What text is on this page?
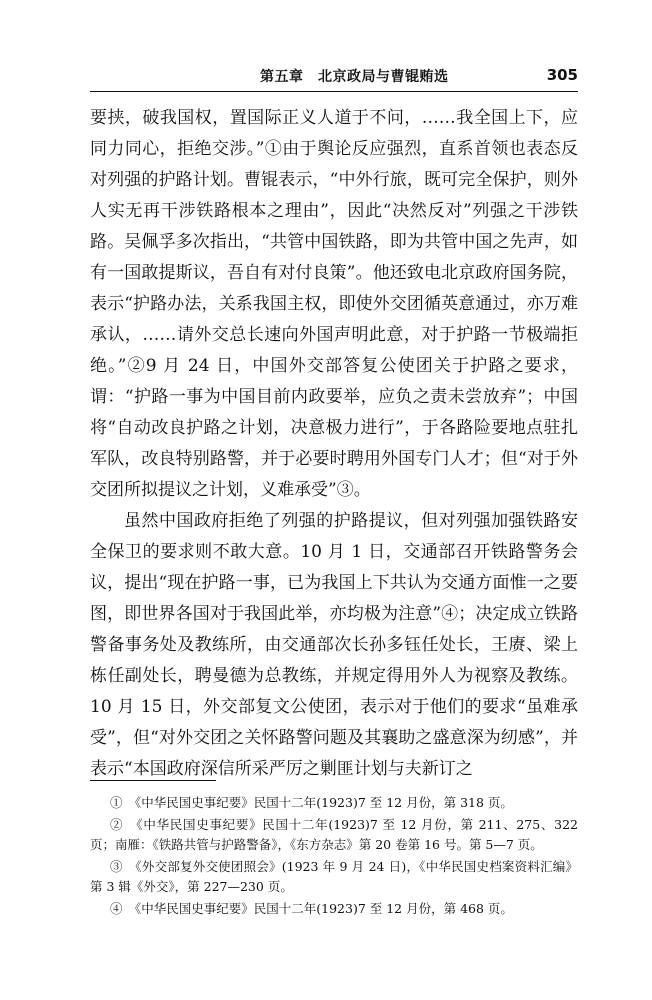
第五章　北京政局与曹锟贿选	305

要挟，破我国权，置国际正义人道于不问，……我全国上下，应同力同心，拒绝交涉。”①由于舆论反应强烈，直系首领也表态反对列强的护路计划。曹锟表示，“中外行旅，既可完全保护，则外人实无再干涉铁路根本之理由”，因此“决然反对”列强之干涉铁路。吴佩孚多次指出，“共管中国铁路，即为共管中国之先声，如有一国敢提斯议，吾自有对付良策”。他还致电北京政府国务院，表示“护路办法，关系我国主权，即使外交团循英意通过，亦万难承认，……请外交总长速向外国声明此意，对于护路一节极端拒绝。”②9 月 24 日，中国外交部答复公使团关于护路之要求，谓：“护路一事为中国目前内政要举，应负之责未尝放弃”；中国将“自动改良护路之计划，决意极力进行”，于各路险要地点驻扎军队，改良特别路警，并于必要时聘用外国专门人才；但“对于外交团所拟提议之计划，义难承受”③。

虽然中国政府拒绝了列强的护路提议，但对列强加强铁路安全保卫的要求则不敢大意。10 月 1 日，交通部召开铁路警务会议，提出“现在护路一事，已为我国上下共认为交通方面惟一之要图，即世界各国对于我国此举，亦均极为注意”④；决定成立铁路警备事务处及教练所，由交通部次长孙多钰任处长，王赓、梁上栋任副处长，聘曼德为总教练，并规定得用外人为视察及教练。10 月 15 日，外交部复文公使团，表示对于他们的要求“虽难承受”，但“对外交团之关怀路警问题及其襄助之盛意深为纫感”，并表示“本国政府深信所采严厉之剿匪计划与夫新订之

①　《中华民国史事纪要》民国十二年(1923)7 至 12 月份，第 318 页。

②　《中华民国史事纪要》民国十二年(1923)7 至 12 月份，第 211、275、322 页；南雁：《铁路共管与护路警备》，《东方杂志》第 20 卷第 16 号。第 5—7 页。

③　《外交部复外交使团照会》(1923 年 9 月 24 日)，《中华民国史档案资料汇编》第 3 辑《外交》，第 227—230 页。

④　《中华民国史事纪要》民国十二年(1923)7 至 12 月份，第 468 页。
